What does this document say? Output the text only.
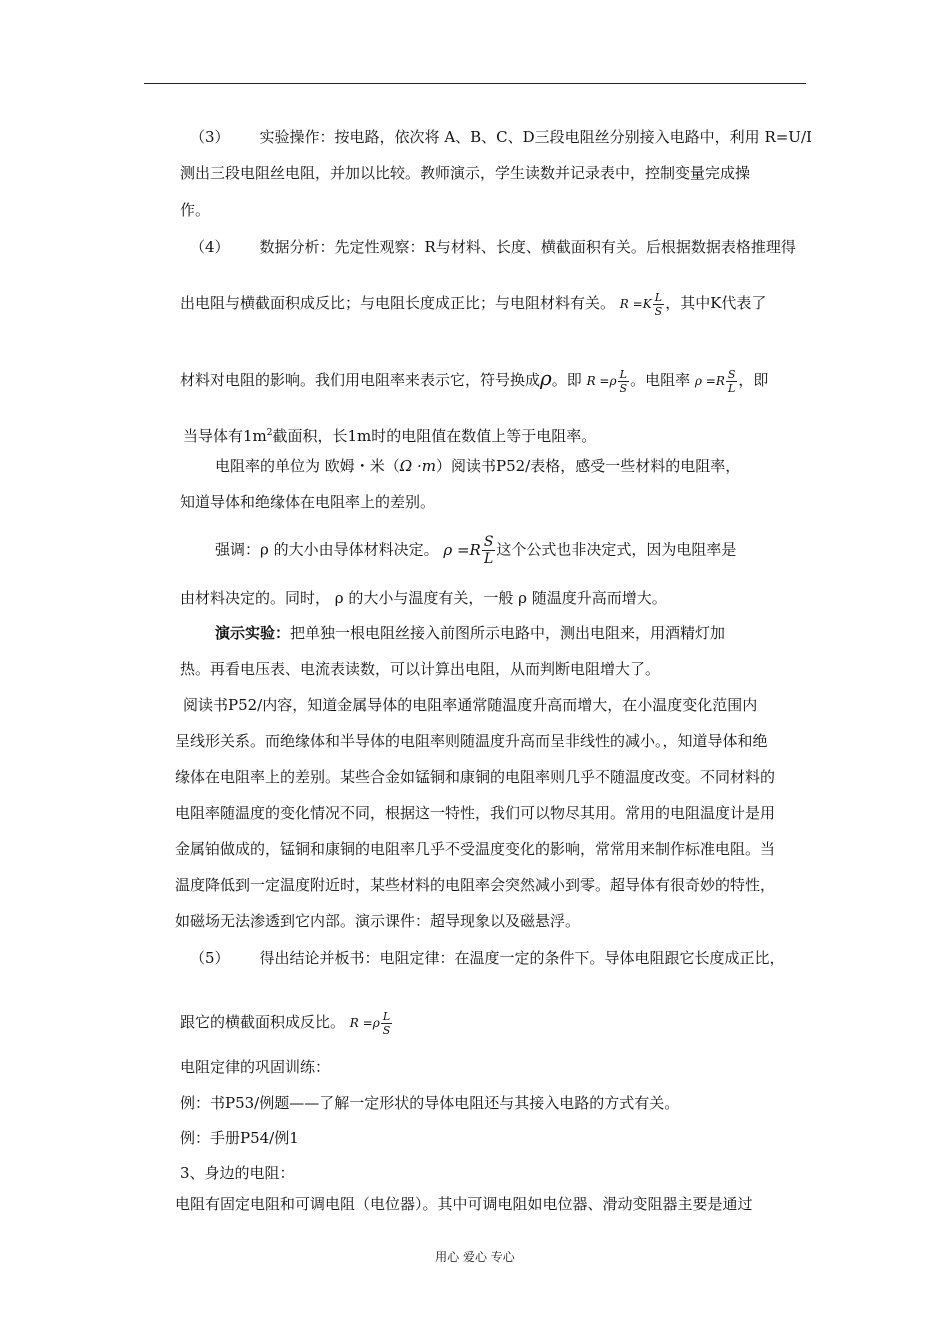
（3） 实验操作：按电路，依次将 A、B、C、D三段电阻丝分别接入电路中，利用 R=U/I
测出三段电阻丝电阻，并加以比较。教师演示，学生读数并记录表中，控制变量完成操
作。
（4） 数据分析：先定性观察：R与材料、长度、横截面积有关。后根据数据表格推理得
出电阻与横截面积成反比；与电阻长度成正比；与电阻材料有关。 $R =K \frac{L}{S}$ ，其中K代表了
材料对电阻的影响。我们用电阻率来表示它，符号换成ρ。即 $R =\rho \frac{L}{S}$ 。电阻率 $\rho =R \frac{S}{L}$ ，即
当导体有$1m^2$截面积，长1m时的电阻值在数值上等于电阻率。
电阻率的单位为 欧姆・米（Ω ·m）阅读书P52/表格，感受一些材料的电阻率，
知道导体和绝缘体在电阻率上的差别。
强调：ρ 的大小由导体材料决定。 $\rho =R \frac{S}{L}$ 这个公式也非决定式，因为电阻率是
由材料决定的。同时， ρ 的大小与温度有关，一般 ρ 随温度升高而增大。
演示实验：把单独一根电阻丝接入前图所示电路中，测出电阻来，用酒精灯加
热。再看电压表、电流表读数，可以计算出电阻，从而判断电阻增大了。
阅读书P52/内容，知道金属导体的电阻率通常随温度升高而增大，在小温度变化范围内
呈线形关系。而绝缘体和半导体的电阻率则随温度升高而呈非线性的减小。，知道导体和绝
缘体在电阻率上的差别。某些合金如锰铜和康铜的电阻率则几乎不随温度改变。不同材料的
电阻率随温度的变化情况不同，根据这一特性，我们可以物尽其用。常用的电阻温度计是用
金属铂做成的，锰铜和康铜的电阻率几乎不受温度变化的影响，常常用来制作标准电阻。当
温度降低到一定温度附近时，某些材料的电阻率会突然减小到零。超导体有很奇妙的特性，
如磁场无法渗透到它内部。演示课件：超导现象以及磁悬浮。
（5） 得出结论并板书：电阻定律：在温度一定的条件下。导体电阻跟它长度成正比，
跟它的横截面积成反比。 $R =\rho \frac{L}{S}$
电阻定律的巩固训练：
例：书P53/例题——了解一定形状的导体电阻还与其接入电路的方式有关。
例：手册P54/例1
3、身边的电阻：
电阻有固定电阻和可调电阻（电位器）。其中可调电阻如电位器、滑动变阻器主要是通过
用心 爱心 专心
